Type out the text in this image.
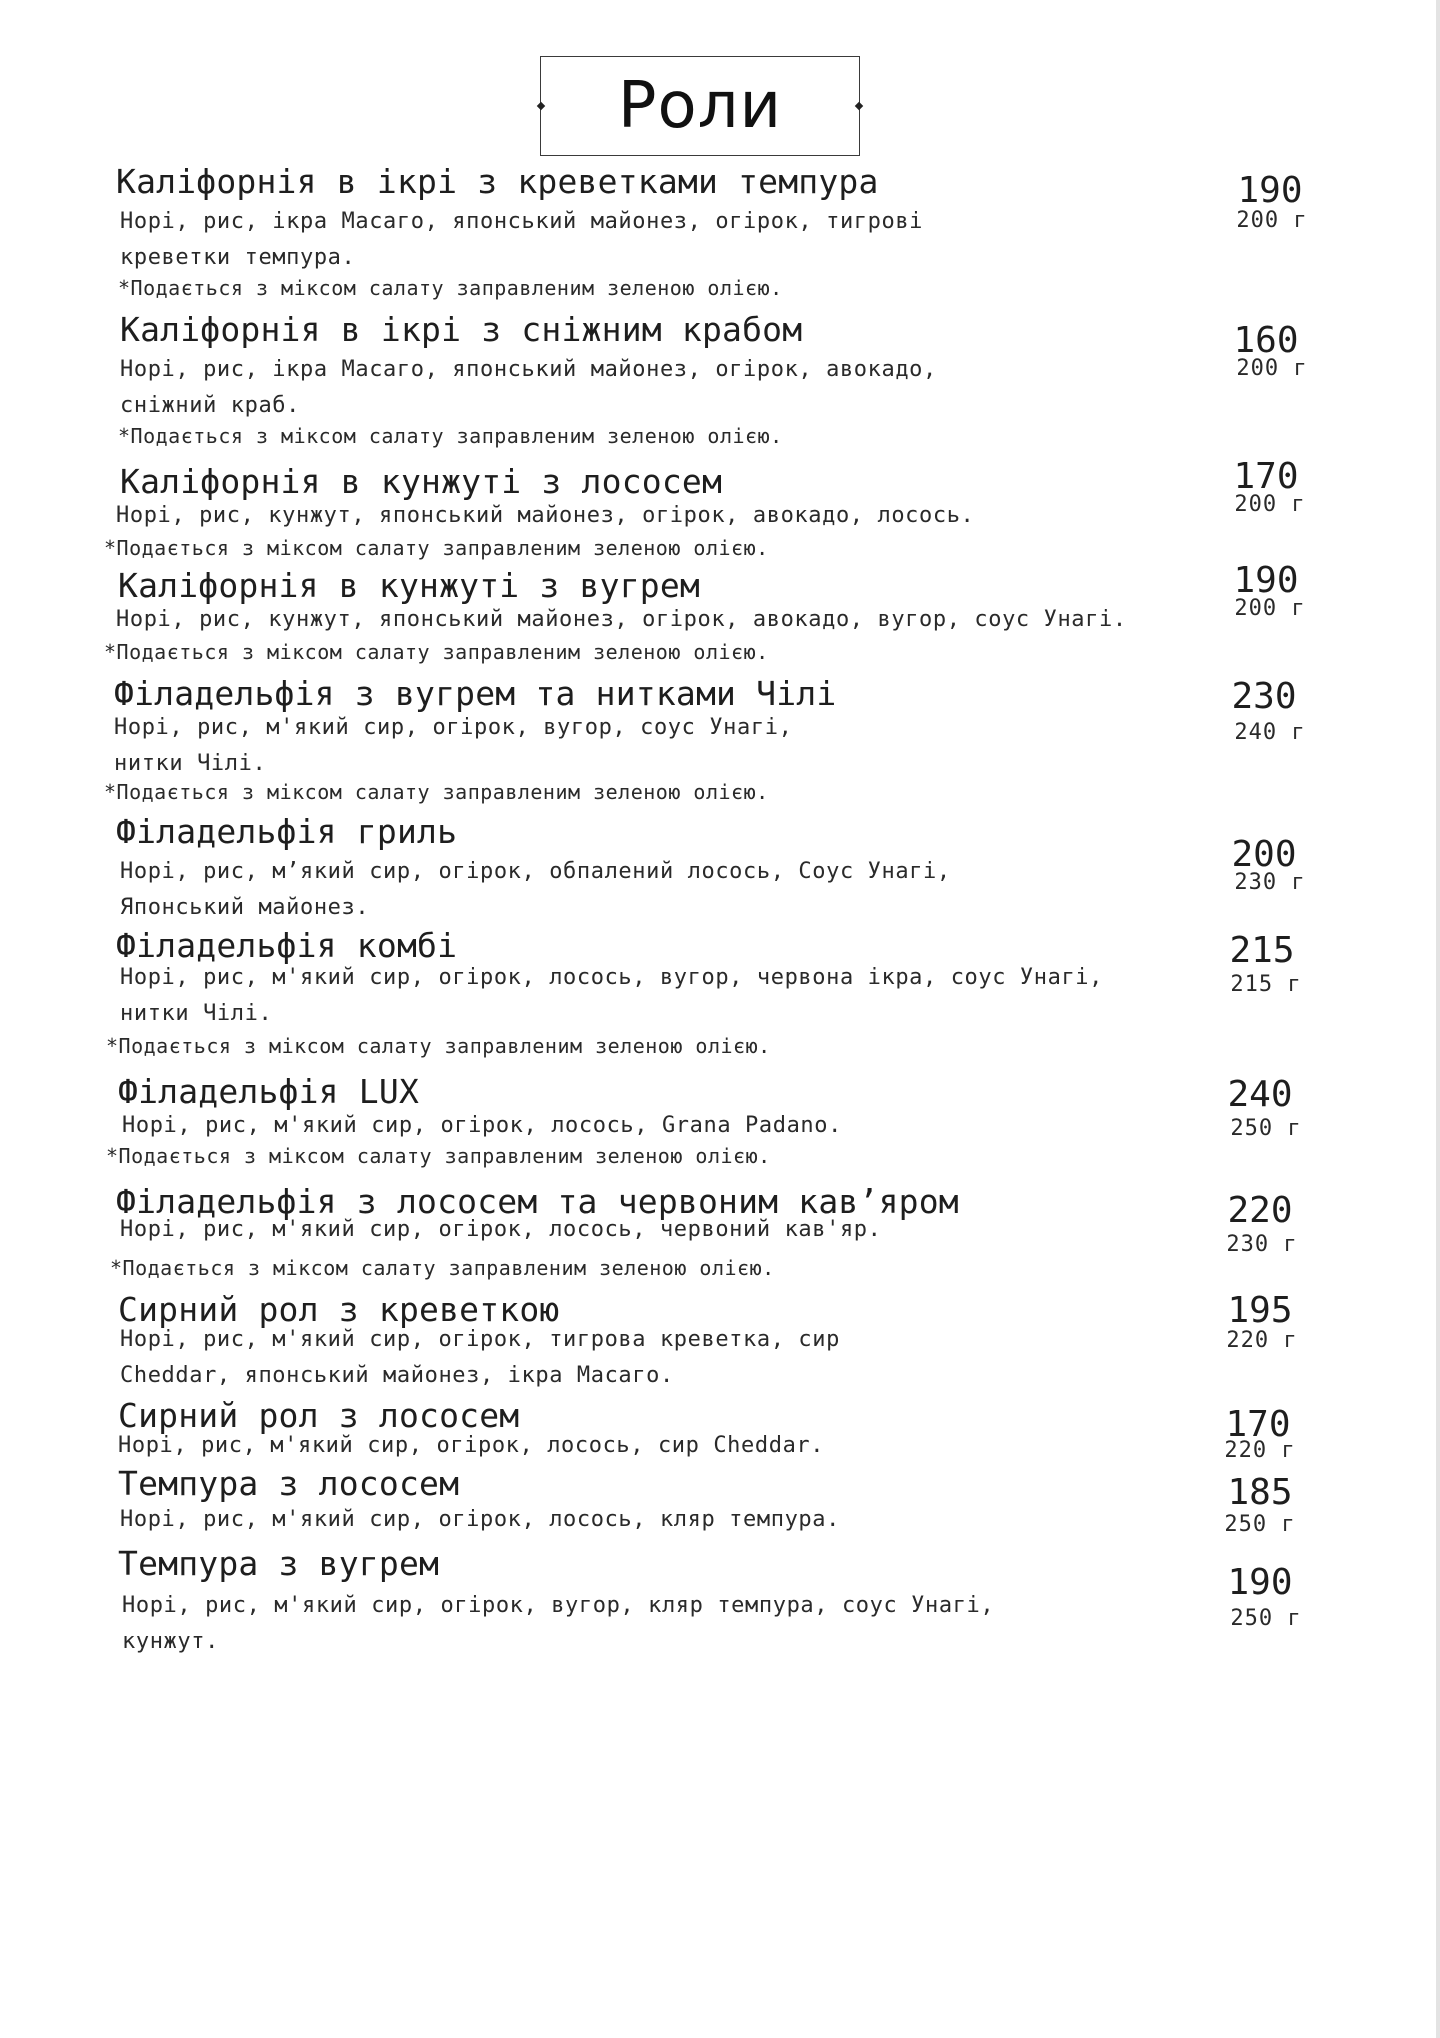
Роли
Каліфорнія в ікрі з креветками темпура
Норі, рис, ікра Масаго, японський майонез, огірок, тигрові
креветки темпура.
*Подається з міксом салату заправленим зеленою олією.
190
200 г
Каліфорнія в ікрі з сніжним крабом
Норі, рис, ікра Масаго, японський майонез, огірок, авокадо,
сніжний краб.
*Подається з міксом салату заправленим зеленою олією.
160
200 г
Каліфорнія в кунжуті з лососем
Норі, рис, кунжут, японський майонез, огірок, авокадо, лосось.
*Подається з міксом салату заправленим зеленою олією.
170
200 г
Каліфорнія в кунжуті з вугрем
Норі, рис, кунжут, японський майонез, огірок, авокадо, вугор, соус Унагі.
*Подається з міксом салату заправленим зеленою олією.
190
200 г
Філадельфія з вугрем та нитками Чілі
Норі, рис, м'який сир, огірок, вугор, соус Унагі,
нитки Чілі.
*Подається з міксом салату заправленим зеленою олією.
230
240 г
Філадельфія гриль
Норі, рис, м’який сир, огірок, обпалений лосось, Соус Унагі,
Японський майонез.
200
230 г
Філадельфія комбі
Норі, рис, м'який сир, огірок, лосось, вугор, червона ікра, соус Унагі,
нитки Чілі.
*Подається з міксом салату заправленим зеленою олією.
215
215 г
Філадельфія LUX
Норі, рис, м'який сир, огірок, лосось, Grana Padano.
*Подається з міксом салату заправленим зеленою олією.
240
250 г
Філадельфія з лососем та червоним кав’яром
Норі, рис, м'який сир, огірок, лосось, червоний кав'яр.
*Подається з міксом салату заправленим зеленою олією.
220
230 г
Сирний рол з креветкою
Норі, рис, м'який сир, огірок, тигрова креветка, сир
Cheddar, японський майонез, ікра Масаго.
195
220 г
Сирний рол з лососем
Норі, рис, м'який сир, огірок, лосось, сир Cheddar.
170
220 г
Темпура з лососем
Норі, рис, м'який сир, огірок, лосось, кляр темпура.
185
250 г
Темпура з вугрем
Норі, рис, м'який сир, огірок, вугор, кляр темпура, соус Унагі,
кунжут.
190
250 г
